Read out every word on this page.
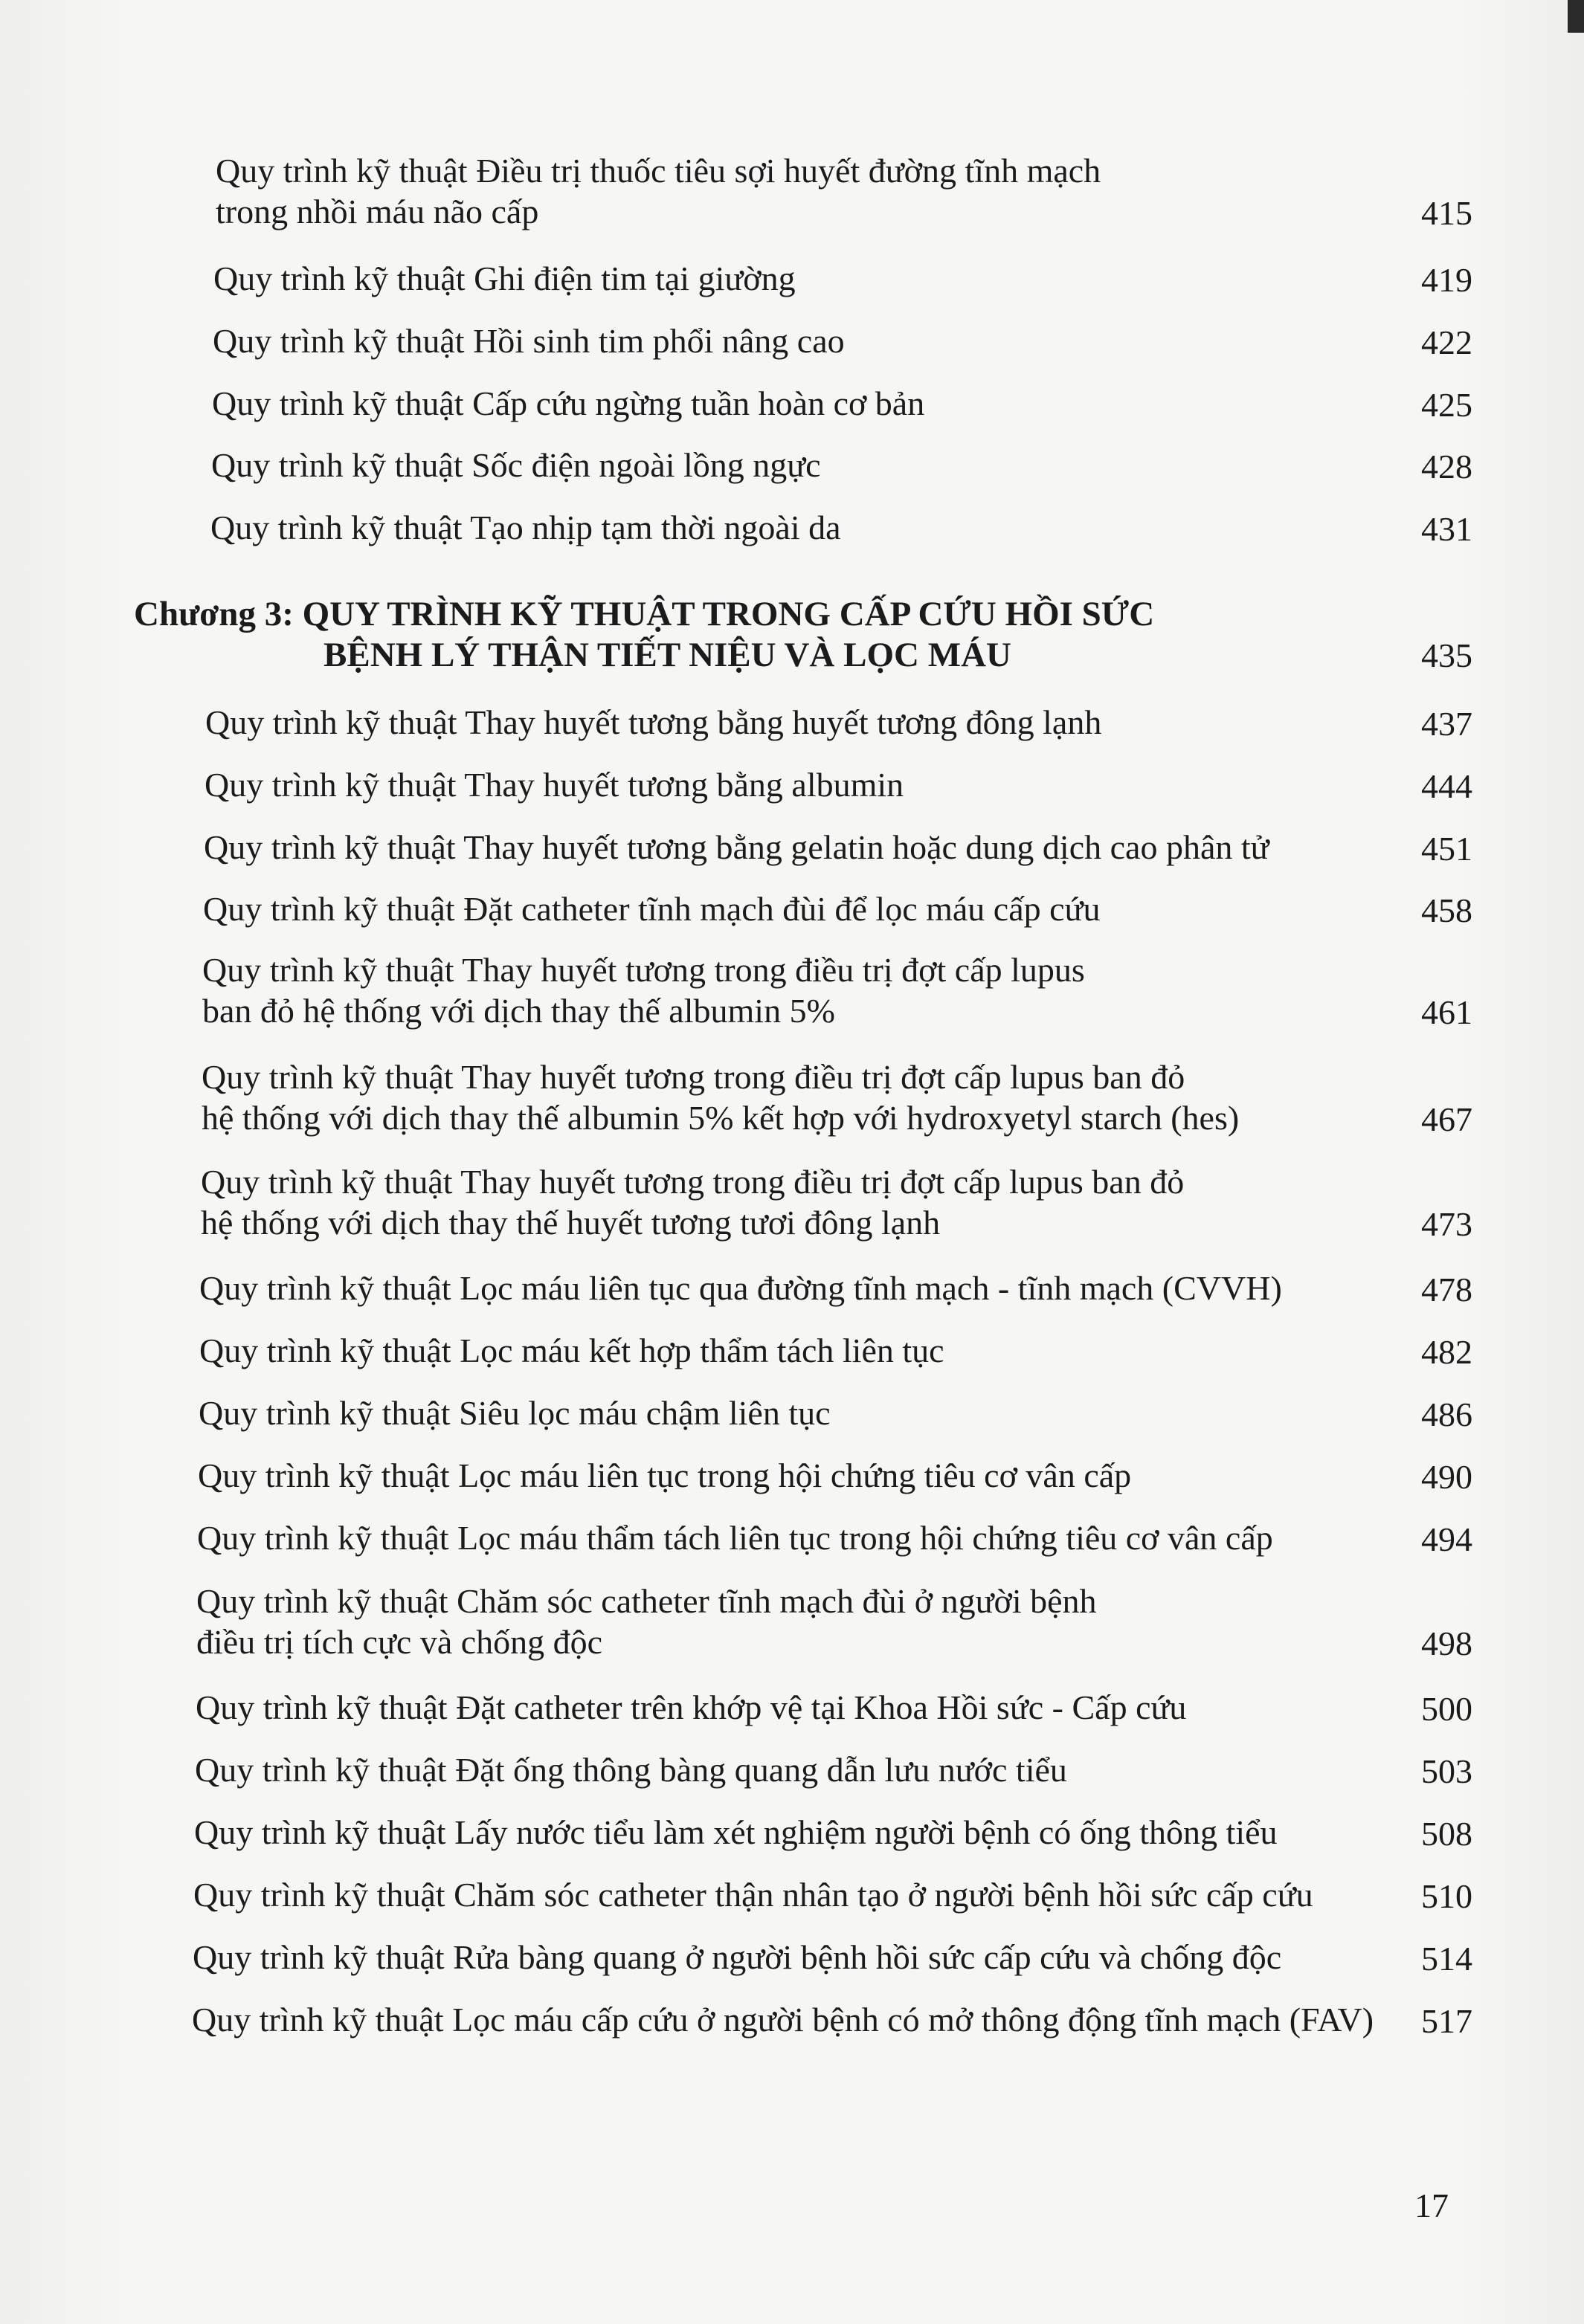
Quy trình kỹ thuật Điều trị thuốc tiêu sợi huyết đường tĩnh mạch
trong nhồi máu não cấp	415
Quy trình kỹ thuật Ghi điện tim tại giường	419
Quy trình kỹ thuật Hồi sinh tim phổi nâng cao	422
Quy trình kỹ thuật Cấp cứu ngừng tuần hoàn cơ bản	425
Quy trình kỹ thuật Sốc điện ngoài lồng ngực	428
Quy trình kỹ thuật Tạo nhịp tạm thời ngoài da	431
Chương 3: QUY TRÌNH KỸ THUẬT TRONG CẤP CỨU HỒI SỨC
BỆNH LÝ THẬN TIẾT NIỆU VÀ LỌC MÁU	435
Quy trình kỹ thuật Thay huyết tương bằng huyết tương đông lạnh	437
Quy trình kỹ thuật Thay huyết tương bằng albumin	444
Quy trình kỹ thuật Thay huyết tương bằng gelatin hoặc dung dịch cao phân tử	451
Quy trình kỹ thuật Đặt catheter tĩnh mạch đùi để lọc máu cấp cứu	458
Quy trình kỹ thuật Thay huyết tương trong điều trị đợt cấp lupus
ban đỏ hệ thống với dịch thay thế albumin 5%	461
Quy trình kỹ thuật Thay huyết tương trong điều trị đợt cấp lupus ban đỏ
hệ thống với dịch thay thế albumin 5% kết hợp với hydroxyetyl starch (hes)	467
Quy trình kỹ thuật Thay huyết tương trong điều trị đợt cấp lupus ban đỏ
hệ thống với dịch thay thế huyết tương tươi đông lạnh	473
Quy trình kỹ thuật Lọc máu liên tục qua đường tĩnh mạch - tĩnh mạch (CVVH)	478
Quy trình kỹ thuật Lọc máu kết hợp thẩm tách liên tục	482
Quy trình kỹ thuật Siêu lọc máu chậm liên tục	486
Quy trình kỹ thuật Lọc máu liên tục trong hội chứng tiêu cơ vân cấp	490
Quy trình kỹ thuật Lọc máu thẩm tách liên tục trong hội chứng tiêu cơ vân cấp	494
Quy trình kỹ thuật Chăm sóc catheter tĩnh mạch đùi ở người bệnh
điều trị tích cực và chống độc	498
Quy trình kỹ thuật Đặt catheter trên khớp vệ tại Khoa Hồi sức - Cấp cứu	500
Quy trình kỹ thuật Đặt ống thông bàng quang dẫn lưu nước tiểu	503
Quy trình kỹ thuật Lấy nước tiểu làm xét nghiệm người bệnh có ống thông tiểu	508
Quy trình kỹ thuật Chăm sóc catheter thận nhân tạo ở người bệnh hồi sức cấp cứu	510
Quy trình kỹ thuật Rửa bàng quang ở người bệnh hồi sức cấp cứu và chống độc	514
Quy trình kỹ thuật Lọc máu cấp cứu ở người bệnh có mở thông động tĩnh mạch (FAV) 517
17
